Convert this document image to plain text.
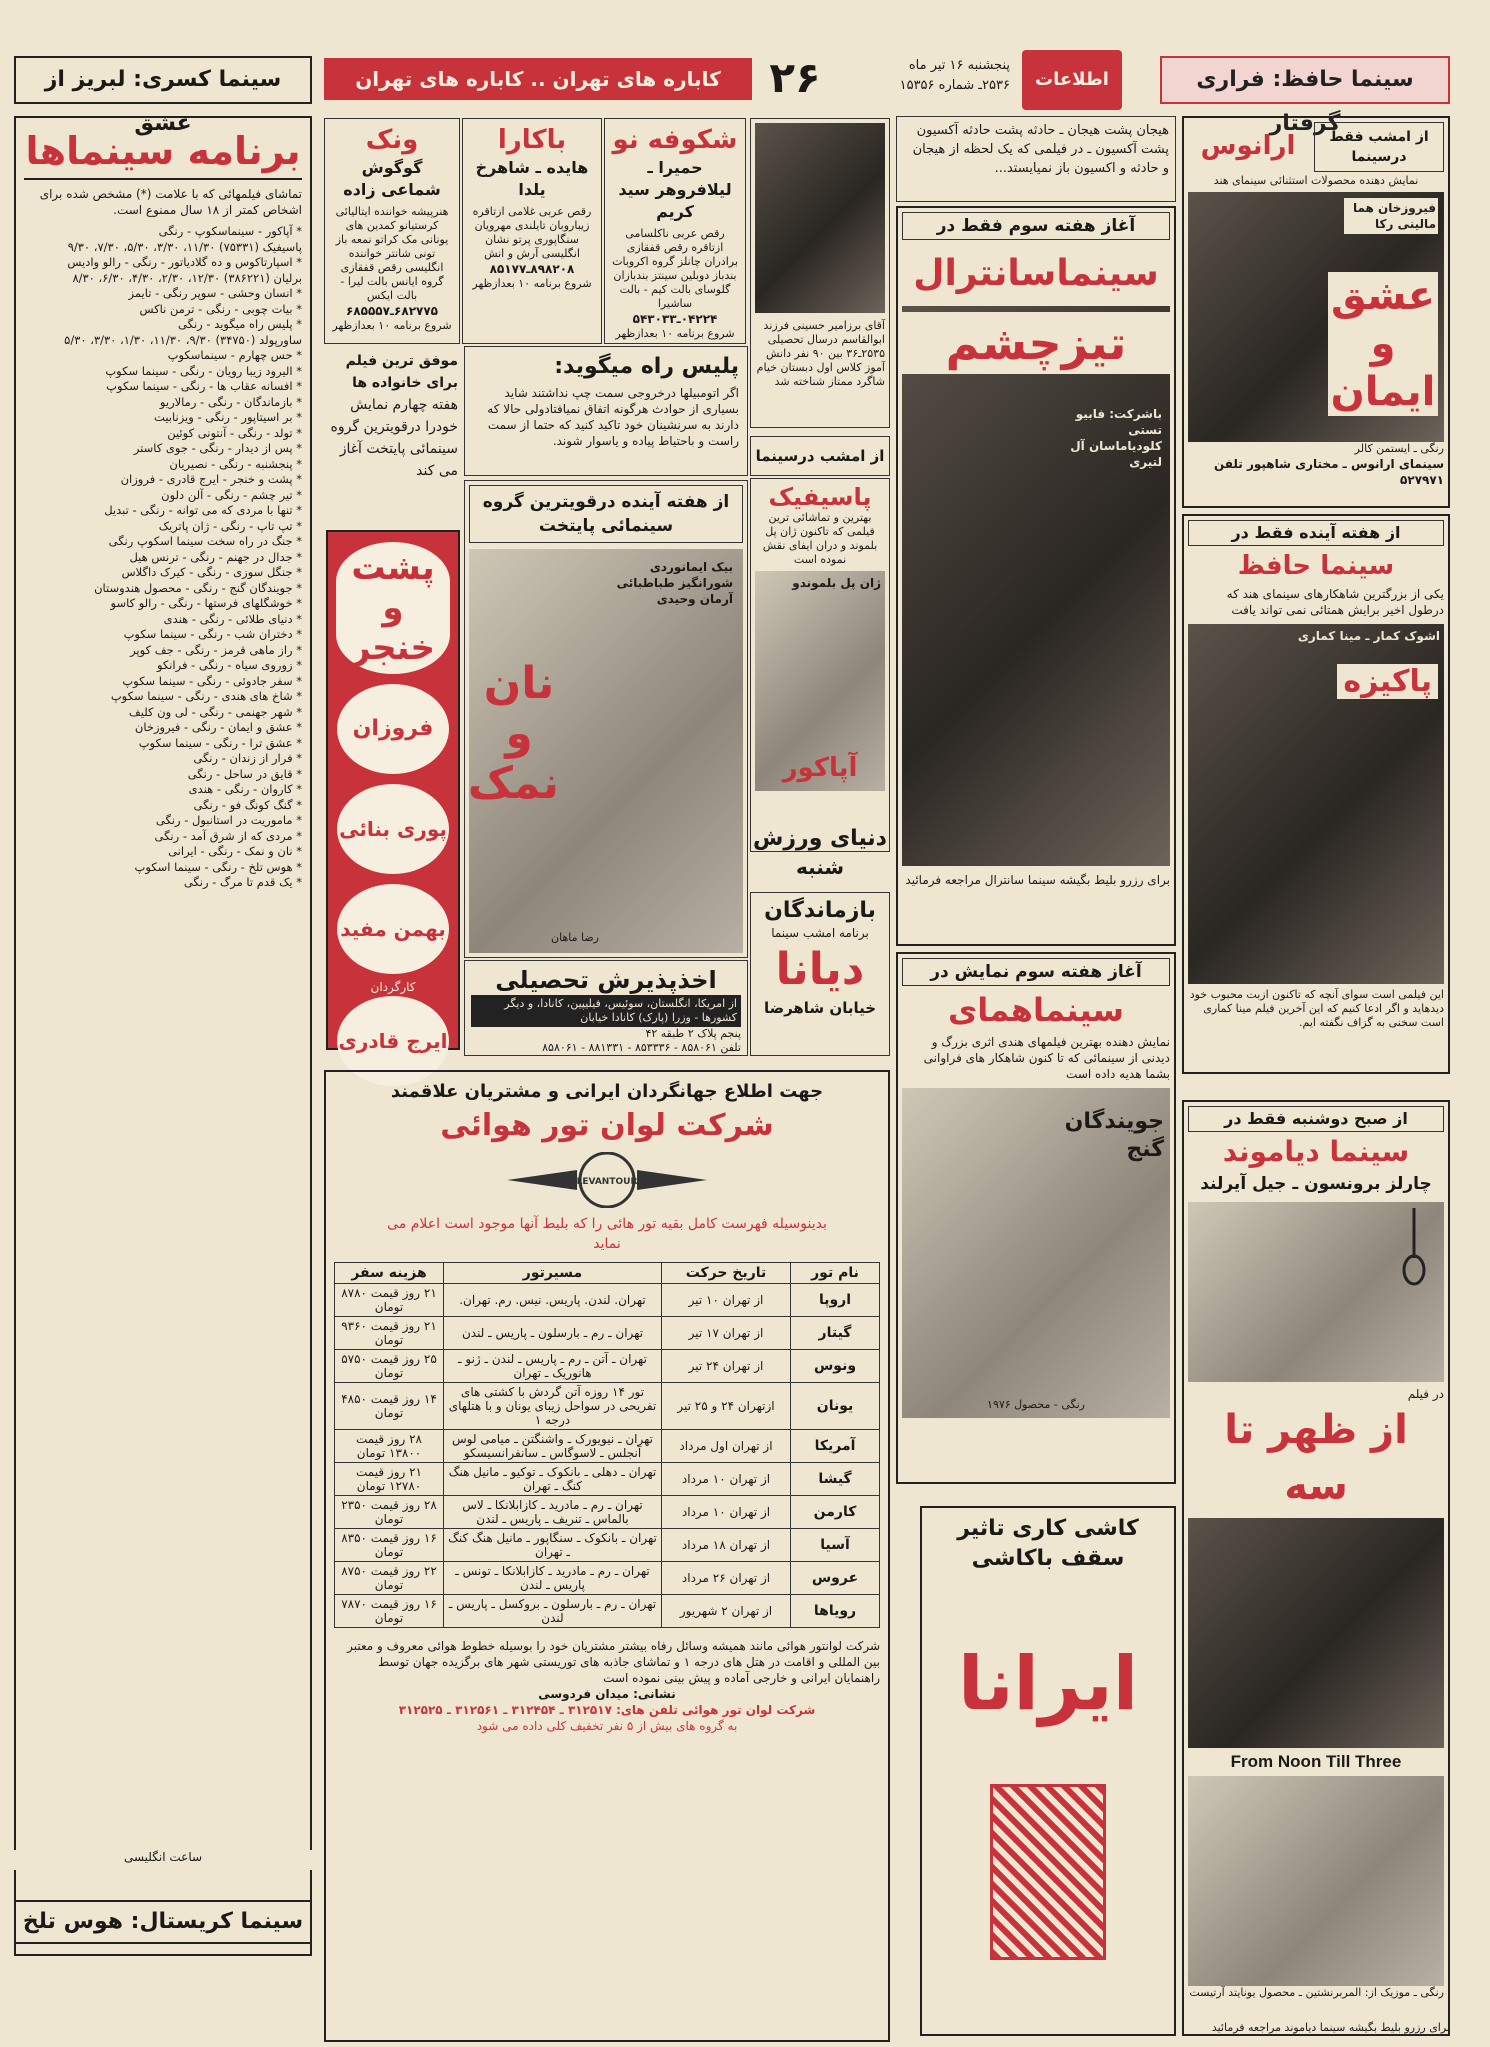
سینما حافظ: فراری گرفتار
اطلاعات
پنجشنبه ۱۶ تیر ماه
۲۵۳۶ـ شماره ۱۵۳۵۶
۲۶
کاباره های تهران .. کاباره های تهران
سینما کسری: لبریز از عشق
برنامه سینماها
تماشای فیلمهائی که با علامت (*) مشخص شده برای اشخاص کمتر از ۱۸ سال ممنوع است.
* آپاکور - سینماسکوپ - رنگی
پاسیفیک (۷۵۳۳۱) ۱۱/۳۰، ۳/۳۰، ۵/۳۰، ۷/۳۰، ۹/۳۰
* اسپارتاکوس و ده گلادیاتور - رنگی - رالو وادیس
برلیان (۳۸۶۲۲۱) ۱۲/۳۰، ۲/۳۰، ۴/۳۰، ۶/۳۰، ۸/۳۰
* انسان وحشی - سوپر رنگی - تایمز
* بیات چوبی - رنگی - ترمن ناکس
* پلیس راه میگوید - رنگی
ساورپولد (۳۴۷۵۰) ۹/۳۰، ۱۱/۳۰، ۱/۳۰، ۳/۳۰، ۵/۳۰
* حس چهارم - سینماسکوپ
* الیرود زیبا رویان - رنگی - سینما سکوپ
* افسانه عقاب ها - رنگی - سینما سکوپ
* بازماندگان - رنگی - رمالاریو
* بر اسیتاپور - رنگی - ویزنابیت
* تولد - رنگی - آنتونی کوئین
* پس از دیدار - رنگی - جوی کاستر
* پنجشنبه - رنگی - نصیریان
* پشت و خنجر - ایرج قادری - فروزان
* تیر چشم - رنگی - آلن دلون
* تنها با مردی که می توانه - رنگی - تبدیل
* تپ تاپ - رنگی - ژان پاتریک
* جنگ در راه سخت سینما اسکوپ رنگی
* جدال در جهنم - رنگی - ترنس هیل
* جنگل سوزی - رنگی - کیرک داگلاس
* جویندگان گنج - رنگی - محصول هندوستان
* خوشگلهای فرستها - رنگی - رالو کاسو
* دنیای طلائی - رنگی - هندی
* دختران شب - رنگی - سینما سکوپ
* راز ماهی قرمز - رنگی - جف کوپر
* زوروی سیاه - رنگی - فرانکو
* سفر جادوئی - رنگی - سینما سکوپ
* شاخ های هندی - رنگی - سینما سکوپ
* شهر جهنمی - رنگی - لی ون کلیف
* عشق و ایمان - رنگی - فیروزخان
* عشق ترا - رنگی - سینما سکوپ
* فرار از زندان - رنگی
* قایق در ساحل - رنگی
* کاروان - رنگی - هندی
* گنگ کونگ فو - رنگی
* ماموریت در استانبول - رنگی
* مردی که از شرق آمد - رنگی
* نان و نمک - رنگی - ایرانی
* هوس تلخ - رنگی - سینما اسکوپ
* یک قدم تا مرگ - رنگی
ساعت انگلیسی
سینما کریستال: هوس تلخ
شکوفه نو
حمیرا ـ لیلافروهر سید کریم
رقص عربی ناکلسامی ازتاقره رقص قفقازی برادران چانلز گروه اکروبات بندباز دوبلین سینتز بندبازان گلوسای بالت کیم - بالت ساشیرا
۰۴۲۲۴ـ۵۴۳۰۳۳
شروع برنامه ۱۰ بعدازظهر
باکارا
هایده ـ شاهرخ یلدا
رقص عربی غلامی ازتاقره زیباروبان تایلندی مهرویان سنگاپوری پرتو نشان انگلیسی آرش و انش
۸۹۸۲۰۸ـ۸۵۱۷۷
شروع برنامه ۱۰ بعدازظهر
ونک
گوگوش شماعی زاده
هنرپیشه خواننده ایتالیائی کرستیانو کمدین های یونانی مک کراتو نمعه باز تونی شانتر خواننده انگلیسی رقص قفقازی گروه ایانس بالت لیرا - بالت ایکس
۶۸۲۷۷۵ـ۶۸۵۵۵۷
شروع برنامه ۱۰ بعدازظهر	آقای برزامیر حسینی فرزند ابوالقاسم درسال تحصیلی ۲۵۳۵ـ۳۶ بین ۹۰ نفر دانش آموز کلاس اول دبستان خیام شاگرد ممتاز شناخته شد
موفق ترین فیلم برای خانواده ها
هفته چهارم نمایش خودرا درقویترین گروه سینمائی پایتخت آغاز می کند
پشت و خنجر
فروزان
پوری بنائی
بهمن مفید
کارگردان
ایرج قادری
پلیس راه میگوید:
اگر اتومبیلها درخروجی سمت چپ نداشتند شاید بسیاری از حوادث هرگونه اتفاق نمیافتادولی حالا که دارند به سرنشینان خود تاکید کنید که حتما از سمت راست و باحتیاط پیاده و یاسوار شوند.
از هفته آینده درقویترین گروه سینمائی پایتخت
نان و نمک
بیک ایمانوردی شورانگیز طباطبائی آرمان وحیدی
رضا ماهان
اخذپذیرش تحصیلی
از امریکا، انگلستان، سوئیس، فیلیپین، کانادا، و دیگر کشورها - وزرا (پارک) کانادا خیابان
پنجم پلاک ۲ طبقه ۴۲
تلفن ۸۵۸۰۶۱ - ۸۵۳۳۳۶ - ۸۸۱۳۳۱ - ۸۵۸۰۶۱
از امشب درسینما
پاسیفیک
بهترین و تماشائی ترین فیلمی که تاکنون ژان پل بلموند و دران ایفای نقش نموده است
ژان پل بلموندو
آپاکور
دنیای ورزش
شنبه
بازماندگان
برنامه امشب سینما
دیانا
خیابان شاهرضا
جهت اطلاع جهانگردان ایرانی و مشتریان علاقمند
شرکت لوان تور هوائی
LEVANTOUR
بدینوسیله فهرست کامل بقیه تور هائی را که بلیط آنها موجود است اعلام می نماید
نام تور	تاریخ حرکت	مسیرتور	هزینه سفر
اروپا	از تهران ۱۰ تیر	تهران. لندن. پاریس. نیس. رم. تهران.	۲۱ روز قیمت ۸۷۸۰ تومان
گیتار	از تهران ۱۷ تیر	تهران ـ رم ـ بارسلون ـ پاریس ـ لندن	۲۱ روز قیمت ۹۳۶۰ تومان
ونوس	از تهران ۲۴ تیر	تهران ـ آتن ـ رم ـ پاریس ـ لندن ـ ژنو ـ هانوریک ـ تهران	۲۵ روز قیمت ۵۷۵۰ تومان
یونان	ازتهران ۲۴ و ۲۵ تیر	تور ۱۴ روزه آتن گردش با کشتی های تفریحی در سواحل زیبای یونان و با هتلهای درجه ۱	۱۴ روز قیمت ۴۸۵۰ تومان
آمریکا	از تهران اول مرداد	تهران ـ نیویورک ـ واشنگتن ـ میامی لوس آنجلس ـ لاسوگاس ـ سانفرانسیسکو	۲۸ روز قیمت ۱۳۸۰۰ تومان
گیشا	از تهران ۱۰ مرداد	تهران ـ دهلی ـ بانکوک ـ توکیو ـ مانیل هنگ کنگ ـ تهران	۲۱ روز قیمت ۱۲۷۸۰ تومان
کارمن	از تهران ۱۰ مرداد	تهران ـ رم ـ مادرید ـ کازابلانکا ـ لاس بالماس ـ تنریف ـ پاریس ـ لندن	۲۸ روز قیمت ۲۳۵۰ تومان
آسیا	از تهران ۱۸ مرداد	تهران ـ بانکوک ـ سنگاپور ـ مانیل هنگ کنگ ـ تهران	۱۶ روز قیمت ۸۳۵۰ تومان
عروس	از تهران ۲۶ مرداد	تهران ـ رم ـ مادرید ـ کازابلانکا ـ تونس ـ پاریس ـ لندن	۲۲ روز قیمت ۸۷۵۰ تومان
رویاها	از تهران ۲ شهریور	تهران ـ رم ـ بارسلون ـ بروکسل ـ پاریس ـ لندن	۱۶ روز قیمت ۷۸۷۰ تومان
شرکت لوانتور هوائی مانند همیشه وسائل رفاه بیشتر مشتریان خود را بوسیله خطوط هوائی معروف و معتبر بین المللی و اقامت در هتل های درجه ۱ و تماشای جاذبه های توریستی شهر های برگزیده جهان توسط راهنمایان ایرانی و خارجی آماده و پیش بینی نموده است
نشانی: میدان فردوسی
شرکت لوان تور هوائی تلفن های: ۳۱۲۵۱۷ ـ ۳۱۲۴۵۴ ـ ۳۱۲۵۶۱ ـ ۳۱۲۵۲۵
به گروه های بیش از ۵ نفر تخفیف کلی داده می شود
هیجان پشت هیجان ـ حادثه پشت حادثه آکسیون پشت آکسیون ـ در فیلمی که یک لحظه از هیجان و حادثه و اکسیون باز نمیایستد...
آغاز هفته سوم فقط در
سینماسانترال
تیزچشم
باشرکت: فابیو تستی کلودیاماسان آل لتیری
برای رزرو بلیط بگیشه سینما سانترال مراجعه فرمائید
آغاز هفته سوم نمایش در
سینماهمای
نمایش دهنده بهترین فیلمهای هندی اثری بزرگ و دیدنی از سینمائی که تا کنون شاهکار های فراوانی بشما هدیه داده است
جویندگان گنج
رنگی - محصول ۱۹۷۶
کاشی کاری تاثیر سقف باکاشی
ایرانا
از امشب فقط درسینما
ارانوس
نمایش دهنده محصولات استثنائی سینمای هند
فیروزخان هما مالینی رکا
عشق و ایمان
رنگی ـ ایستمن کالر
سینمای ارانوس ـ مختاری شاهپور تلفن ۵۲۷۹۷۱
از هفته آینده فقط در
سینما حافظ
یکی از بزرگترین شاهکارهای سینمای هند که درطول اخیر برایش همتائی نمی تواند یافت
اشوک کمار ـ مینا کماری
پاکیزه
این فیلمی است سوای آنچه که تاکنون ازبت محبوب خود دیدهاید و اگر ادعا کنیم که این آخرین فیلم مینا کماری است سخنی به گزاف نگفته ایم.
از صبح دوشنبه فقط در
سینما دیاموند
چارلز برونسون ـ جیل آیرلند
در فیلم
از ظهر تا سه
From Noon Till Three
رنگی ـ موزیک از: المربرنشتین ـ محصول یونایتد آرتیست
برای رزرو بلیط بگیشه سینما دیاموند مراجعه فرمائید
